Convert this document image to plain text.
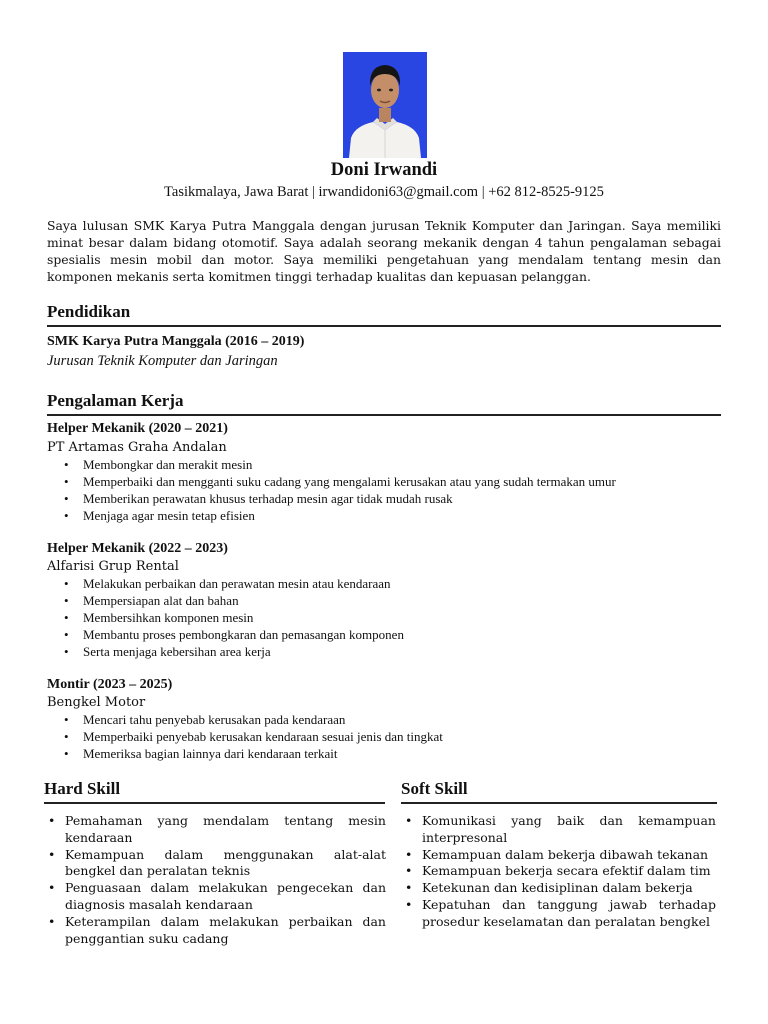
Doni Irwandi
Tasikmalaya, Jawa Barat | irwandidoni63@gmail.com | +62 812-8525-9125
Saya lulusan SMK Karya Putra Manggala dengan jurusan Teknik Komputer dan Jaringan. Saya memiliki minat besar dalam bidang otomotif. Saya adalah seorang mekanik dengan 4 tahun pengalaman sebagai spesialis mesin mobil dan motor. Saya memiliki pengetahuan yang mendalam tentang mesin dan komponen mekanis serta komitmen tinggi terhadap kualitas dan kepuasan pelanggan.
Pendidikan
SMK Karya Putra Manggala (2016 – 2019)
Jurusan Teknik Komputer dan Jaringan
Pengalaman Kerja
Helper Mekanik (2020 – 2021)
PT Artamas Graha Andalan
• Membongkar dan merakit mesin
• Memperbaiki dan mengganti suku cadang yang mengalami kerusakan atau yang sudah termakan umur
• Memberikan perawatan khusus terhadap mesin agar tidak mudah rusak
• Menjaga agar mesin tetap efisien
Helper Mekanik (2022 – 2023)
Alfarisi Grup Rental
• Melakukan perbaikan dan perawatan mesin atau kendaraan
• Mempersiapan alat dan bahan
• Membersihkan komponen mesin
• Membantu proses pembongkaran dan pemasangan komponen
• Serta menjaga kebersihan area kerja
Montir (2023 – 2025)
Bengkel Motor
• Mencari tahu penyebab kerusakan pada kendaraan
• Memperbaiki penyebab kerusakan kendaraan sesuai jenis dan tingkat
• Memeriksa bagian lainnya dari kendaraan terkait
Hard Skill
• Pemahaman yang mendalam tentang mesin kendaraan
• Kemampuan dalam menggunakan alat-alat bengkel dan peralatan teknis
• Penguasaan dalam melakukan pengecekan dan diagnosis masalah kendaraan
• Keterampilan dalam melakukan perbaikan dan penggantian suku cadang
Soft Skill
• Komunikasi yang baik dan kemampuan interpresonal
• Kemampuan dalam bekerja dibawah tekanan
• Kemampuan bekerja secara efektif dalam tim
• Ketekunan dan kedisiplinan dalam bekerja
• Kepatuhan dan tanggung jawab terhadap prosedur keselamatan dan peralatan bengkel
